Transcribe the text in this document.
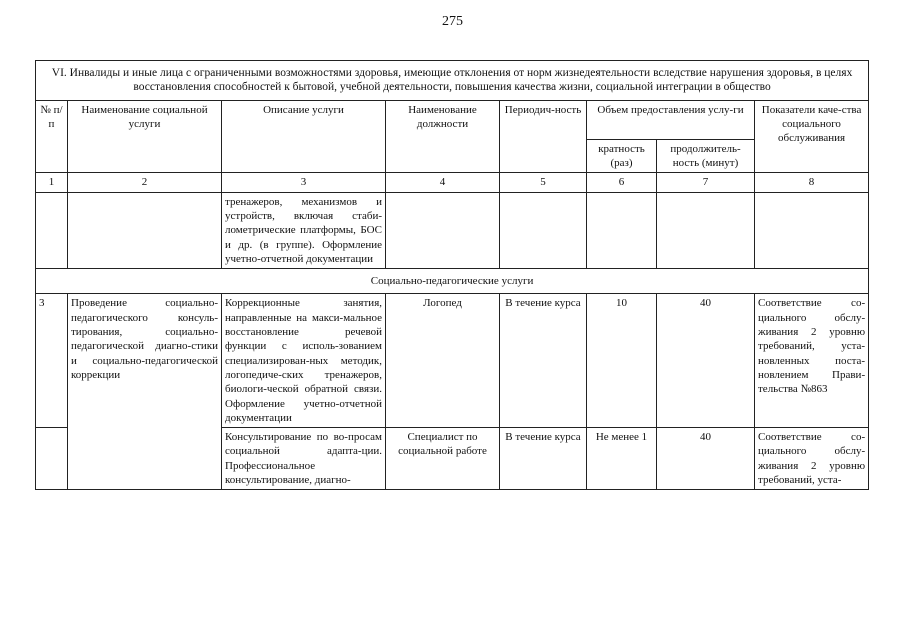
275
VI. Инвалиды и иные лица с ограниченными возможностями здоровья, имеющие отклонения от норм жизнедеятельности вследствие нарушения здоровья, в целях восстановления способностей к бытовой, учебной деятельности, повышения качества жизни, социальной интеграции в общество							
№ п/п	Наименование социальной услуги	Описание услуги	Наименование должности	Периодич-ность	Объем предоставления услу-ги		Показатели каче-ства социального обслуживания
					кратность (раз)	продолжитель-ность (минут)	
1	2	3	4	5	6	7	8
		тренажеров, механизмов и устройств, включая стаби-лометрические платформы, БОС и др. (в группе). Оформление учетно-отчетной документации					
Социально-педагогические услуги							
3	Проведение социально-педагогического консуль-тирования, социально-педагогической диагно-стики и социально-педагогической коррекции	Коррекционные занятия, направленные на макси-мальное восстановление речевой функции с исполь-зованием специализирован-ных методик, логопедиче-ских тренажеров, биологи-ческой обратной связи. Оформление учетно-отчетной документации	Логопед	В течение курса	10	40	Соответствие со-циального обслу-живания 2 уровню требований, уста-новленных поста-новлением Прави-тельства №863
		Консультирование по во-просам социальной адапта-ции. Профессиональное консультирование, диагно-	Специалист по социальной работе	В течение курса	Не менее 1	40	Соответствие со-циального обслу-живания 2 уровню требований, уста-
